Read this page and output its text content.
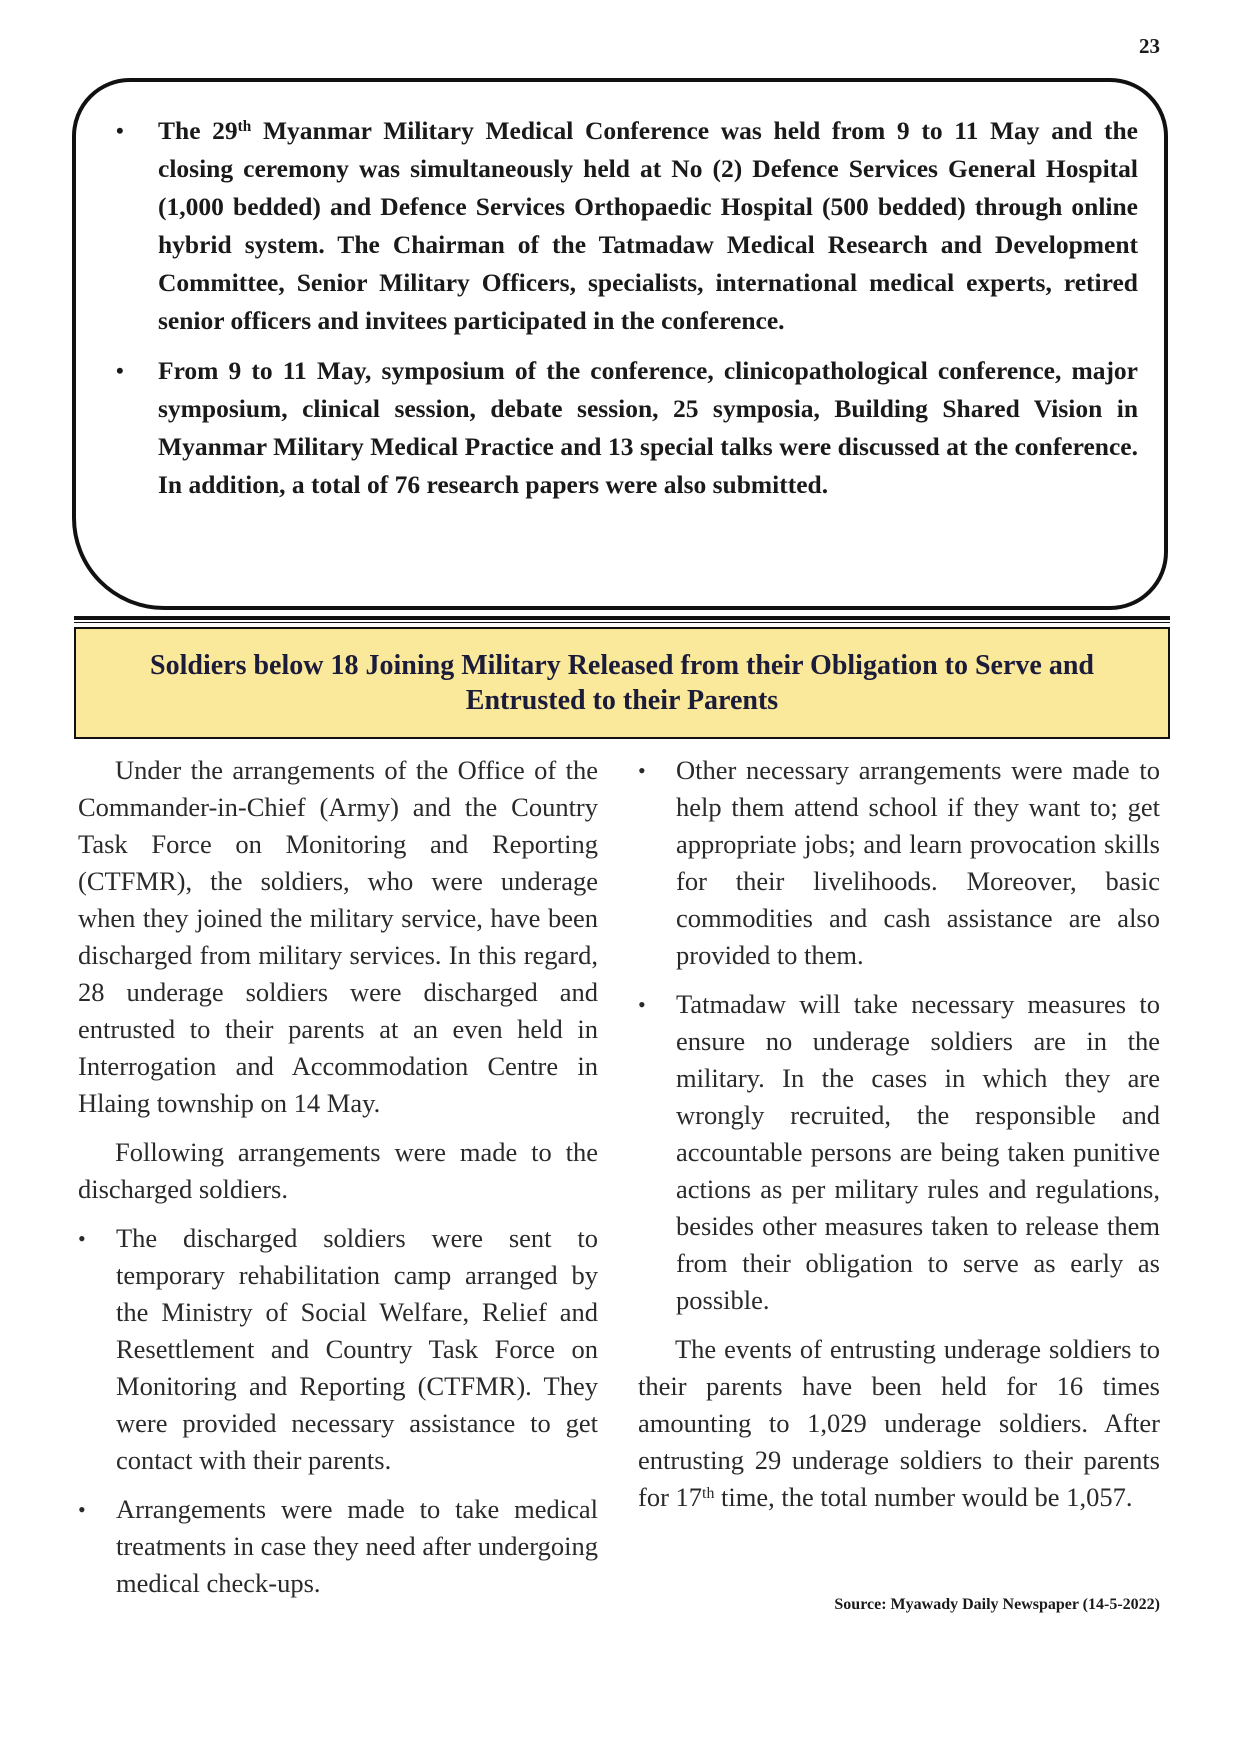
23
• The 29th Myanmar Military Medical Conference was held from 9 to 11 May and the closing ceremony was simultaneously held at No (2) Defence Services General Hospital (1,000 bedded) and Defence Services Orthopaedic Hospital (500 bedded) through online hybrid system. The Chairman of the Tatmadaw Medical Research and Development Committee, Senior Military Officers, specialists, international medical experts, retired senior officers and invitees participated in the conference.
• From 9 to 11 May, symposium of the conference, clinicopathological conference, major symposium, clinical session, debate session, 25 symposia, Building Shared Vision in Myanmar Military Medical Practice and 13 special talks were discussed at the conference. In addition, a total of 76 research papers were also submitted.
Soldiers below 18 Joining Military Released from their Obligation to Serve and Entrusted to their Parents

Under the arrangements of the Office of the Commander-in-Chief (Army) and the Country Task Force on Monitoring and Reporting (CTFMR), the soldiers, who were underage when they joined the military service, have been discharged from military services. In this regard, 28 underage soldiers were discharged and entrusted to their parents at an even held in Interrogation and Accommodation Centre in Hlaing township on 14 May.

Following arrangements were made to the discharged soldiers.

• The discharged soldiers were sent to temporary rehabilitation camp arranged by the Ministry of Social Welfare, Relief and Resettlement and Country Task Force on Monitoring and Reporting (CTFMR). They were provided necessary assistance to get contact with their parents.
• Arrangements were made to take medical treatments in case they need after undergoing medical check-ups.
• Other necessary arrangements were made to help them attend school if they want to; get appropriate jobs; and learn provocation skills for their livelihoods. Moreover, basic commodities and cash assistance are also provided to them.
• Tatmadaw will take necessary measures to ensure no underage soldiers are in the military. In the cases in which they are wrongly recruited, the responsible and accountable persons are being taken punitive actions as per military rules and regulations, besides other measures taken to release them from their obligation to serve as early as possible.

The events of entrusting underage soldiers to their parents have been held for 16 times amounting to 1,029 underage soldiers. After entrusting 29 underage soldiers to their parents for 17th time, the total number would be 1,057.

Source: Myawady Daily Newspaper (14-5-2022)
